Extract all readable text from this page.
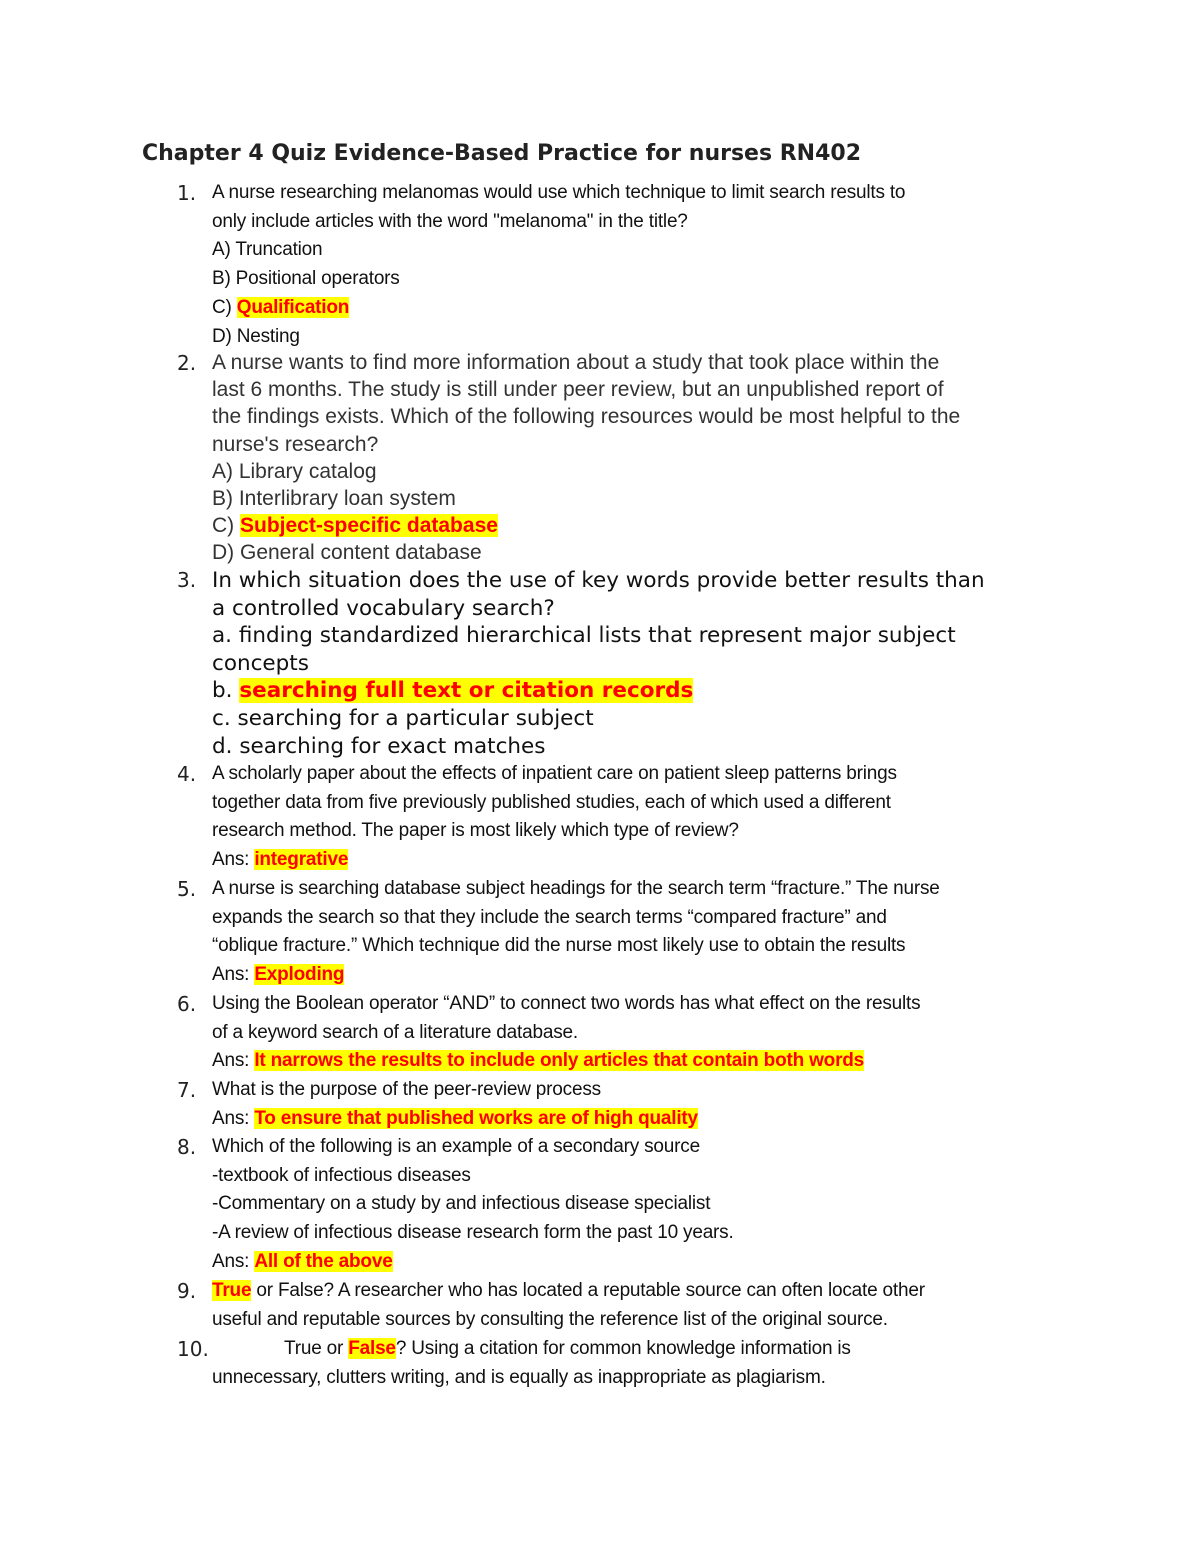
Chapter 4 Quiz Evidence-Based Practice for nurses RN402
1. A nurse researching melanomas would use which technique to limit search results to
only include articles with the word "melanoma" in the title?
A) Truncation
B) Positional operators
C) Qualification
D) Nesting
2. A nurse wants to find more information about a study that took place within the
last 6 months. The study is still under peer review, but an unpublished report of
the findings exists. Which of the following resources would be most helpful to the
nurse's research?
A) Library catalog
B) Interlibrary loan system
C) Subject-specific database
D) General content database
3. In which situation does the use of key words provide better results than
a controlled vocabulary search?
a. finding standardized hierarchical lists that represent major subject
concepts
b. searching full text or citation records
c. searching for a particular subject
d. searching for exact matches
4. A scholarly paper about the effects of inpatient care on patient sleep patterns brings
together data from five previously published studies, each of which used a different
research method. The paper is most likely which type of review?
Ans: integrative
5. A nurse is searching database subject headings for the search term “fracture.” The nurse
expands the search so that they include the search terms “compared fracture” and
“oblique fracture.” Which technique did the nurse most likely use to obtain the results
Ans: Exploding
6. Using the Boolean operator “AND” to connect two words has what effect on the results
of a keyword search of a literature database.
Ans: It narrows the results to include only articles that contain both words
7. What is the purpose of the peer-review process
Ans: To ensure that published works are of high quality
8. Which of the following is an example of a secondary source
-textbook of infectious diseases
-Commentary on a study by and infectious disease specialist
-A review of infectious disease research form the past 10 years.
Ans: All of the above
9. True or False? A researcher who has located a reputable source can often locate other
useful and reputable sources by consulting the reference list of the original source.
10.	True or False? Using a citation for common knowledge information is
unnecessary, clutters writing, and is equally as inappropriate as plagiarism.
